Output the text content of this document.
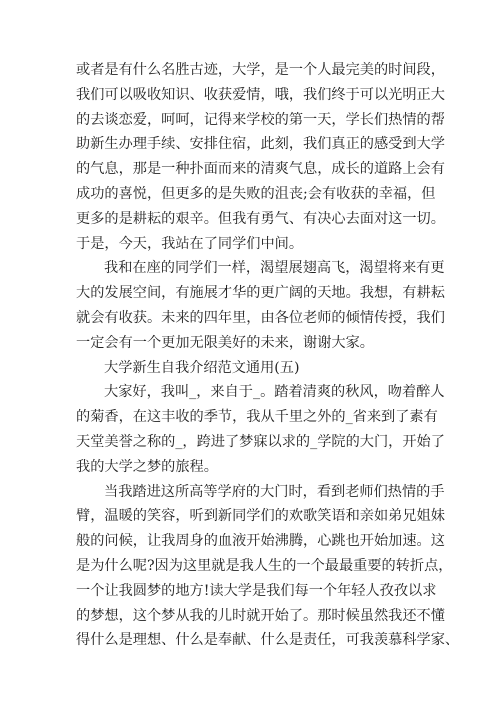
或者是有什么名胜古迹，大学，是一个人最完美的时间段，
我们可以吸收知识、收获爱情，哦，我们终于可以光明正大
的去谈恋爱，呵呵，记得来学校的第一天，学长们热情的帮
助新生办理手续、安排住宿，此刻，我们真正的感受到大学
的气息，那是一种扑面而来的清爽气息，成长的道路上会有
成功的喜悦，但更多的是失败的沮丧;会有收获的幸福，但
更多的是耕耘的艰辛。但我有勇气、有决心去面对这一切。
于是，今天，我站在了同学们中间。
我和在座的同学们一样，渴望展翅高飞，渴望将来有更
大的发展空间，有施展才华的更广阔的天地。我想，有耕耘
就会有收获。未来的四年里，由各位老师的倾情传授，我们
一定会有一个更加无限美好的未来，谢谢大家。
大学新生自我介绍范文通用(五)
大家好，我叫_，来自于_。踏着清爽的秋风，吻着醉人
的菊香，在这丰收的季节，我从千里之外的_省来到了素有
天堂美誉之称的_，跨进了梦寐以求的_学院的大门，开始了
我的大学之梦的旅程。
当我踏进这所高等学府的大门时，看到老师们热情的手
臂，温暖的笑容，听到新同学们的欢歌笑语和亲如弟兄姐妹
般的问候，让我周身的血液开始沸腾，心跳也开始加速。这
是为什么呢?因为这里就是我人生的一个最最重要的转折点，
一个让我圆梦的地方!读大学是我们每一个年轻人孜孜以求
的梦想，这个梦从我的儿时就开始了。那时候虽然我还不懂
得什么是理想、什么是奉献、什么是责任，可我羡慕科学家、
